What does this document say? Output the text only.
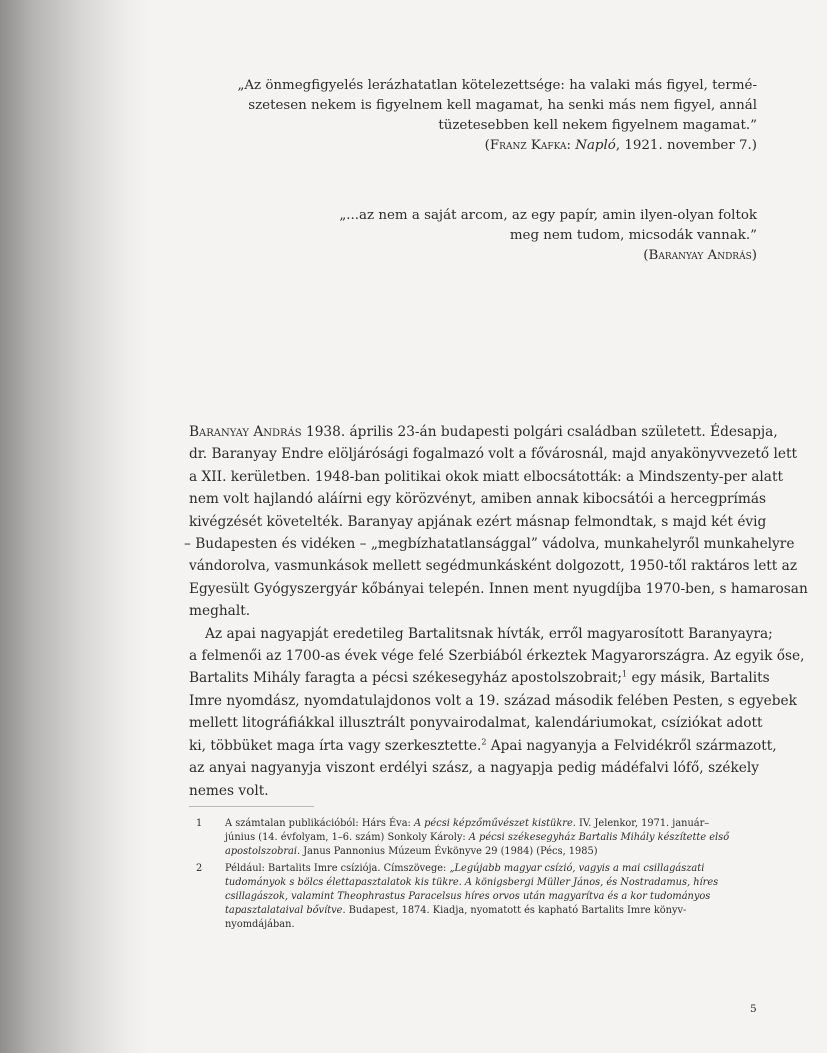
„Az önmegfigyelés lerázhatatlan kötelezettsége: ha valaki más figyel, termé-
szetesen nekem is figyelnem kell magamat, ha senki más nem figyel, annál
tüzetesebben kell nekem figyelnem magamat.”
(Franz Kafka: Napló, 1921. november 7.)
„...az nem a saját arcom, az egy papír, amin ilyen-olyan foltok
meg nem tudom, micsodák vannak.”
(Baranyay András)
Baranyay András 1938. április 23-án budapesti polgári családban született. Édesapja,
dr. Baranyay Endre elöljárósági fogalmazó volt a fővárosnál, majd anyakönyvvezető lett
a XII. kerületben. 1948-ban politikai okok miatt elbocsátották: a Mindszenty-per alatt
nem volt hajlandó aláírni egy körözvényt, amiben annak kibocsátói a hercegprímás
kivégzését követelték. Baranyay apjának ezért másnap felmondtak, s majd két évig
– Budapesten és vidéken – „megbízhatatlansággal” vádolva, munkahelyről munkahelyre
vándorolva, vasmunkások mellett segédmunkásként dolgozott, 1950-től raktáros lett az
Egyesült Gyógyszergyár kőbányai telepén. Innen ment nyugdíjba 1970-ben, s hamarosan
meghalt.
Az apai nagyapját eredetileg Bartalitsnak hívták, erről magyarosított Baranyayra;
a felmenői az 1700-as évek vége felé Szerbiából érkeztek Magyarországra. Az egyik őse,
Bartalits Mihály faragta a pécsi székesegyház apostolszobrait;$^1$ egy másik, Bartalits
Imre nyomdász, nyomdatulajdonos volt a 19. század második felében Pesten, s egyebek
mellett litográfiákkal illusztrált ponyvairodalmat, kalendáriumokat, csíziókat adott
ki, többüket maga írta vagy szerkesztette.$^2$ Apai nagyanyja a Felvidékről származott,
az anyai nagyanyja viszont erdélyi szász, a nagyapja pedig mádéfalvi lófő, székely
nemes volt.
1 A számtalan publikációból: Hárs Éva: A pécsi képzőművészet kistükre. IV. Jelenkor, 1971. január–
június (14. évfolyam, 1–6. szám) Sonkoly Károly: A pécsi székesegyház Bartalis Mihály készítette első
apostolszobrai. Janus Pannonius Múzeum Évkönyve 29 (1984) (Pécs, 1985)
2 Például: Bartalits Imre csíziója. Címszövege: „Legújabb magyar csízió, vagyis a mai csillagászati
tudományok s bölcs élettapasztalatok kis tükre. A königsbergi Müller János, és Nostradamus, híres
csillagászok, valamint Theophrastus Paracelsus híres orvos után magyarítva és a kor tudományos
tapasztalataival bővítve. Budapest, 1874. Kiadja, nyomatott és kapható Bartalits Imre könyv-
nyomdájában.
5
